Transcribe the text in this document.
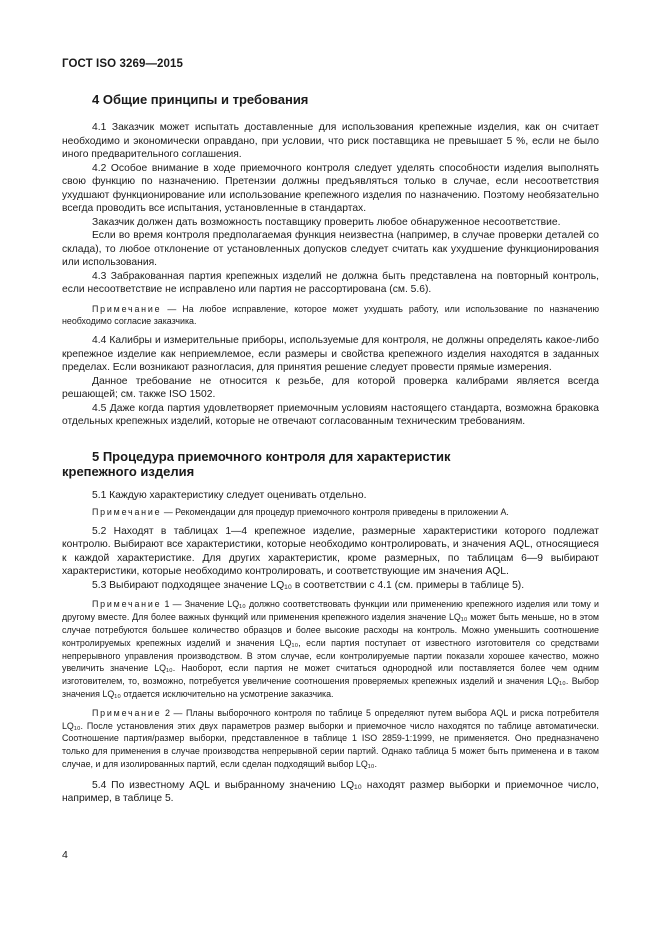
ГОСТ ISO 3269—2015
4 Общие принципы и требования

4.1 Заказчик может испытать доставленные для использования крепежные изделия, как он считает необходимо и экономически оправдано, при условии, что риск поставщика не превышает 5 %, если не было иного предварительного соглашения.

4.2 Особое внимание в ходе приемочного контроля следует уделять способности изделия выполнять свою функцию по назначению. Претензии должны предъявляться только в случае, если несоответствия ухудшают функционирование или использование крепежного изделия по назначению. Поэтому необязательно всегда проводить все испытания, установленные в стандартах.

Заказчик должен дать возможность поставщику проверить любое обнаруженное несоответствие.

Если во время контроля предполагаемая функция неизвестна (например, в случае проверки деталей со склада), то любое отклонение от установленных допусков следует считать как ухудшение функционирования или использования.

4.3 Забракованная партия крепежных изделий не должна быть представлена на повторный контроль, если несоответствие не исправлено или партия не рассортирована (см. 5.6).

Примечание — На любое исправление, которое может ухудшать работу, или использование по назначению необходимо согласие заказчика.

4.4 Калибры и измерительные приборы, используемые для контроля, не должны определять какое-либо крепежное изделие как неприемлемое, если размеры и свойства крепежного изделия находятся в заданных пределах. Если возникают разногласия, для принятия решение следует провести прямые измерения.

Данное требование не относится к резьбе, для которой проверка калибрами является всегда решающей; см. также ISO 1502.

4.5 Даже когда партия удовлетворяет приемочным условиям настоящего стандарта, возможна браковка отдельных крепежных изделий, которые не отвечают согласованным техническим требованиям.

5 Процедура приемочного контроля для характеристик
крепежного изделия

5.1 Каждую характеристику следует оценивать отдельно.

Примечание — Рекомендации для процедур приемочного контроля приведены в приложении А.

5.2 Находят в таблицах 1—4 крепежное изделие, размерные характеристики которого подлежат контролю. Выбирают все характеристики, которые необходимо контролировать, и значения AQL, относящиеся к каждой характеристике. Для других характеристик, кроме размерных, по таблицам 6—9 выбирают характеристики, которые необходимо контролировать, и соответствующие им значения AQL.

5.3 Выбирают подходящее значение LQ₁₀ в соответствии с 4.1 (см. примеры в таблице 5).

Примечание 1 — Значение LQ₁₀ должно соответствовать функции или применению крепежного изделия или тому и другому вместе. Для более важных функций или применения крепежного изделия значение LQ₁₀ может быть меньше, но в этом случае потребуются большее количество образцов и более высокие расходы на контроль. Можно уменьшить соотношение контролируемых крепежных изделий и значения LQ₁₀, если партия поступает от известного изготовителя со средствами непрерывного управления производством. В этом случае, если контролируемые партии показали хорошее качество, можно увеличить значение LQ₁₀. Наоборот, если партия не может считаться однородной или поставляется более чем одним изготовителем, то, возможно, потребуется увеличение соотношения проверяемых крепежных изделий и значения LQ₁₀. Выбор значения LQ₁₀ отдается исключительно на усмотрение заказчика.

Примечание 2 — Планы выборочного контроля по таблице 5 определяют путем выбора AQL и риска потребителя LQ₁₀. После установления этих двух параметров размер выборки и приемочное число находятся по таблице автоматически. Соотношение партия/размер выборки, представленное в таблице 1 ISO 2859-1:1999, не применяется. Оно предназначено только для применения в случае производства непрерывной серии партий. Однако таблица 5 может быть применена и в таком случае, и для изолированных партий, если сделан подходящий выбор LQ₁₀.

5.4 По известному AQL и выбранному значению LQ₁₀ находят размер выборки и приемочное число, например, в таблице 5.

4
